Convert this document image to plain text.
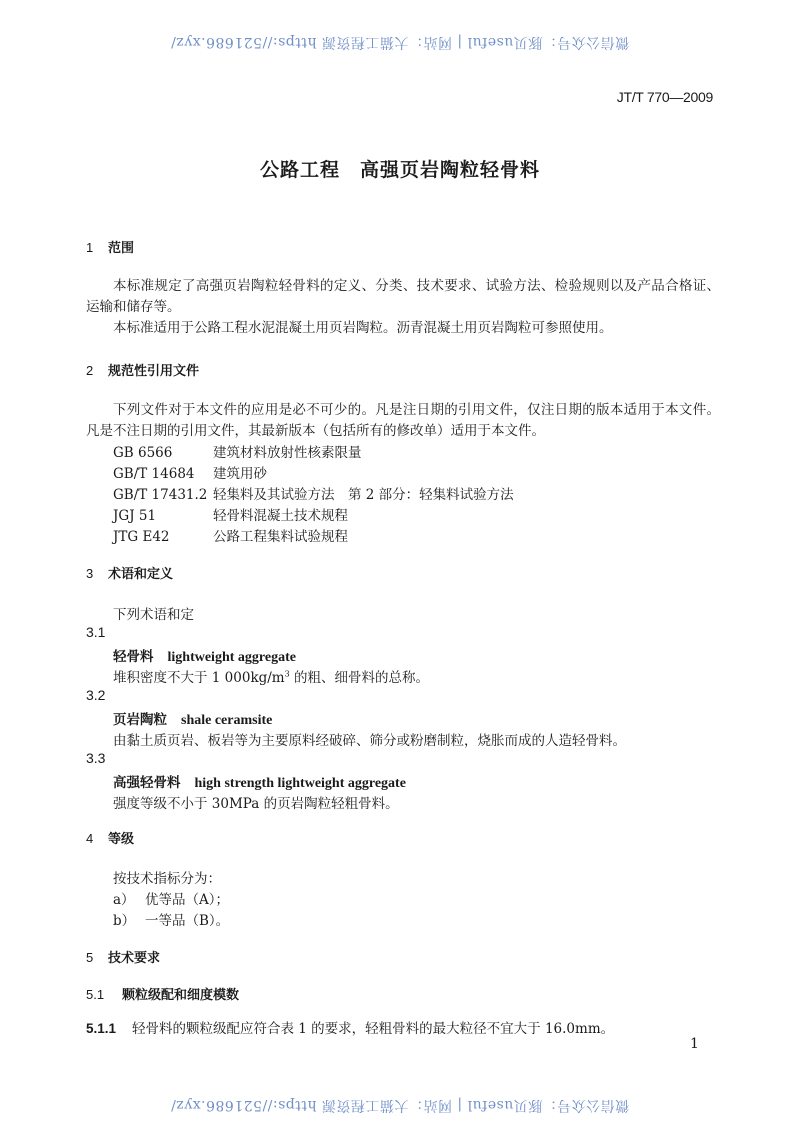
微信公众号：豚贝useful | 网站：大猫工程资源 https://521686.xyz/
JT/T 770—2009
公路工程　高强页岩陶粒轻骨料
1 范围
本标准规定了高强页岩陶粒轻骨料的定义、分类、技术要求、试验方法、检验规则以及产品合格证、运输和储存等。
本标准适用于公路工程水泥混凝土用页岩陶粒。沥青混凝土用页岩陶粒可参照使用。
2 规范性引用文件
下列文件对于本文件的应用是必不可少的。凡是注日期的引用文件，仅注日期的版本适用于本文件。凡是不注日期的引用文件，其最新版本（包括所有的修改单）适用于本文件。
GB 6566	建筑材料放射性核素限量
GB/T 14684 建筑用砂
GB/T 17431.2 轻集料及其试验方法　第 2 部分：轻集料试验方法
JGJ 51	轻骨料混凝土技术规程
JTG E42	公路工程集料试验规程
3 术语和定义
下列术语和定
3.1
轻骨料 lightweight aggregate
堆积密度不大于 1 $000kg/m^3$ 的粗、细骨料的总称。
3.2
页岩陶粒 shale ceramsite
由黏土质页岩、板岩等为主要原料经破碎、筛分或粉磨制粒，烧胀而成的人造轻骨料。
3.3
高强轻骨料 high strength lightweight aggregate
强度等级不小于 30MPa 的页岩陶粒轻粗骨料。
4 等级
按技术指标分为：
a） 优等品（A）；
b） 一等品（B）。
5 技术要求
5.1 颗粒级配和细度模数
5.1.1 轻骨料的颗粒级配应符合表 1 的要求，轻粗骨料的最大粒径不宜大于 16.0mm。
1
微信公众号：豚贝useful | 网站：大猫工程资源 https://521686.xyz/
